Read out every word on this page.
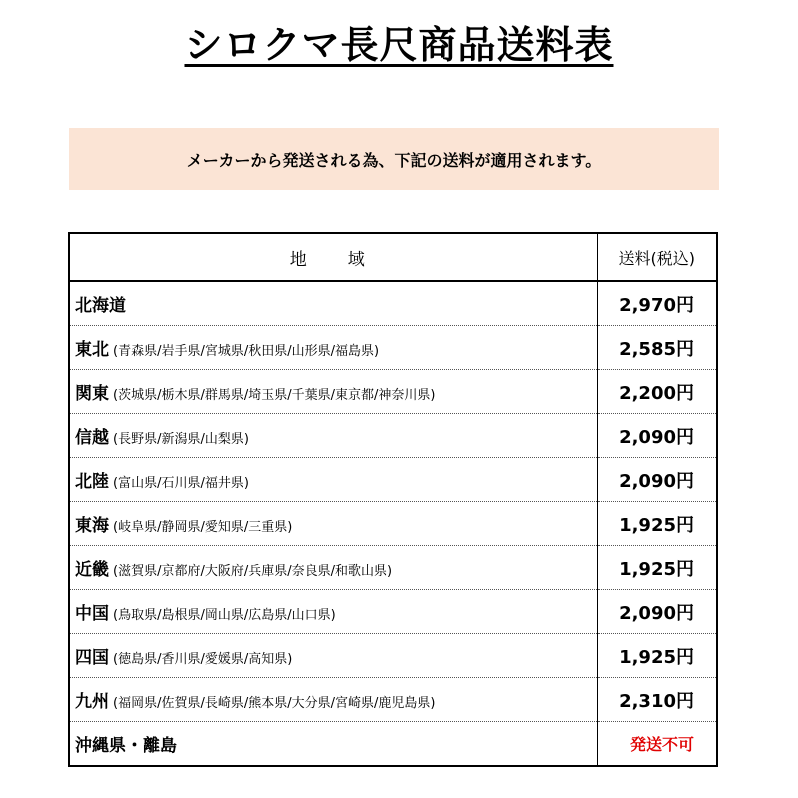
シロクマ長尺商品送料表
メーカーから発送される為、下記の送料が適用されます。
地　域	送料(税込)
北海道	2,970円
東北 (青森県/岩手県/宮城県/秋田県/山形県/福島県)	2,585円
関東 (茨城県/栃木県/群馬県/埼玉県/千葉県/東京都/神奈川県)	2,200円
信越 (長野県/新潟県/山梨県)	2,090円
北陸 (富山県/石川県/福井県)	2,090円
東海 (岐阜県/静岡県/愛知県/三重県)	1,925円
近畿 (滋賀県/京都府/大阪府/兵庫県/奈良県/和歌山県)	1,925円
中国 (鳥取県/島根県/岡山県/広島県/山口県)	2,090円
四国 (徳島県/香川県/愛媛県/高知県)	1,925円
九州 (福岡県/佐賀県/長崎県/熊本県/大分県/宮崎県/鹿児島県)	2,310円
沖縄県・離島	発送不可
